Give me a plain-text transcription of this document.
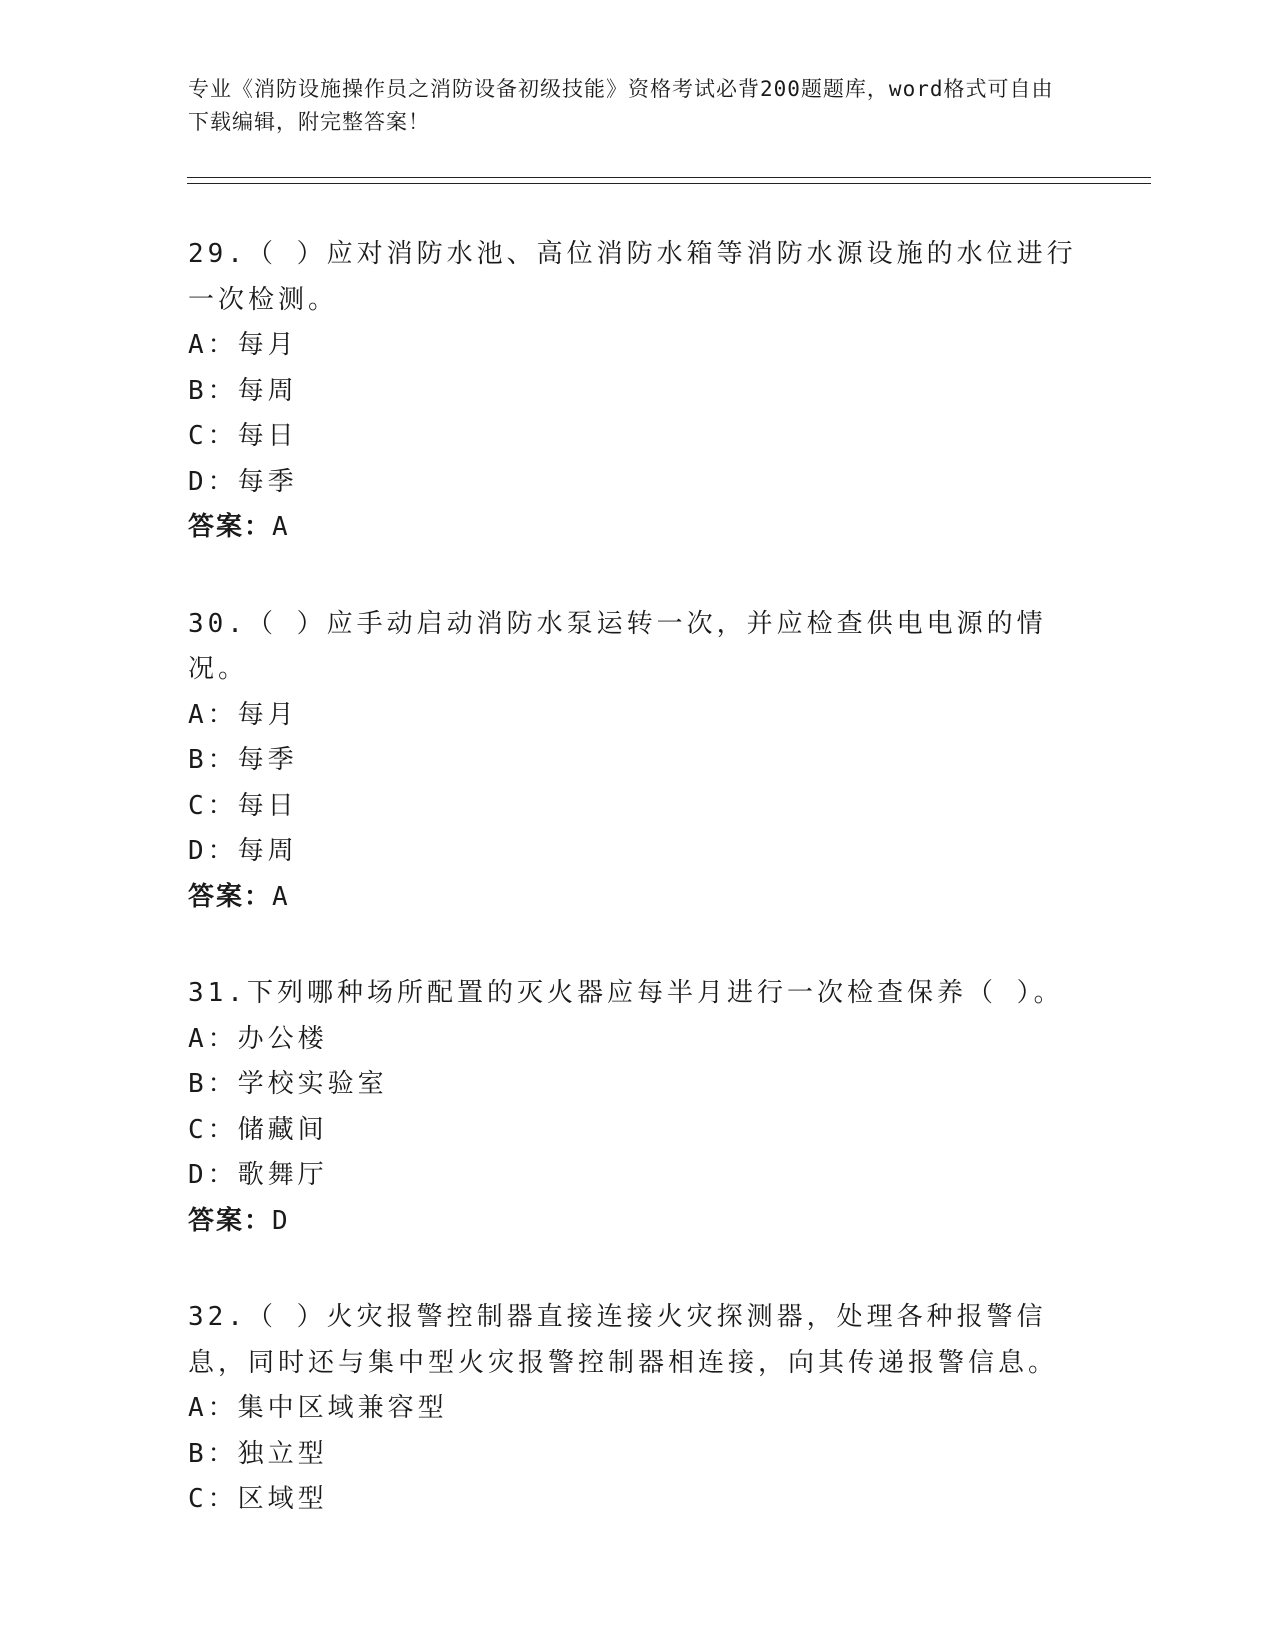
专业《消防设施操作员之消防设备初级技能》资格考试必背200题题库，word格式可自由下载编辑，附完整答案！
29.（ ）应对消防水池、高位消防水箱等消防水源设施的水位进行一次检测。
A：每月
B：每周
C：每日
D：每季
答案：A
30.（ ）应手动启动消防水泵运转一次，并应检查供电电源的情况。
A：每月
B：每季
C：每日
D：每周
答案：A
31.下列哪种场所配置的灭火器应每半月进行一次检查保养（ ）。
A：办公楼
B：学校实验室
C：储藏间
D：歌舞厅
答案：D
32.（ ）火灾报警控制器直接连接火灾探测器，处理各种报警信息，同时还与集中型火灾报警控制器相连接，向其传递报警信息。
A：集中区域兼容型
B：独立型
C：区域型
